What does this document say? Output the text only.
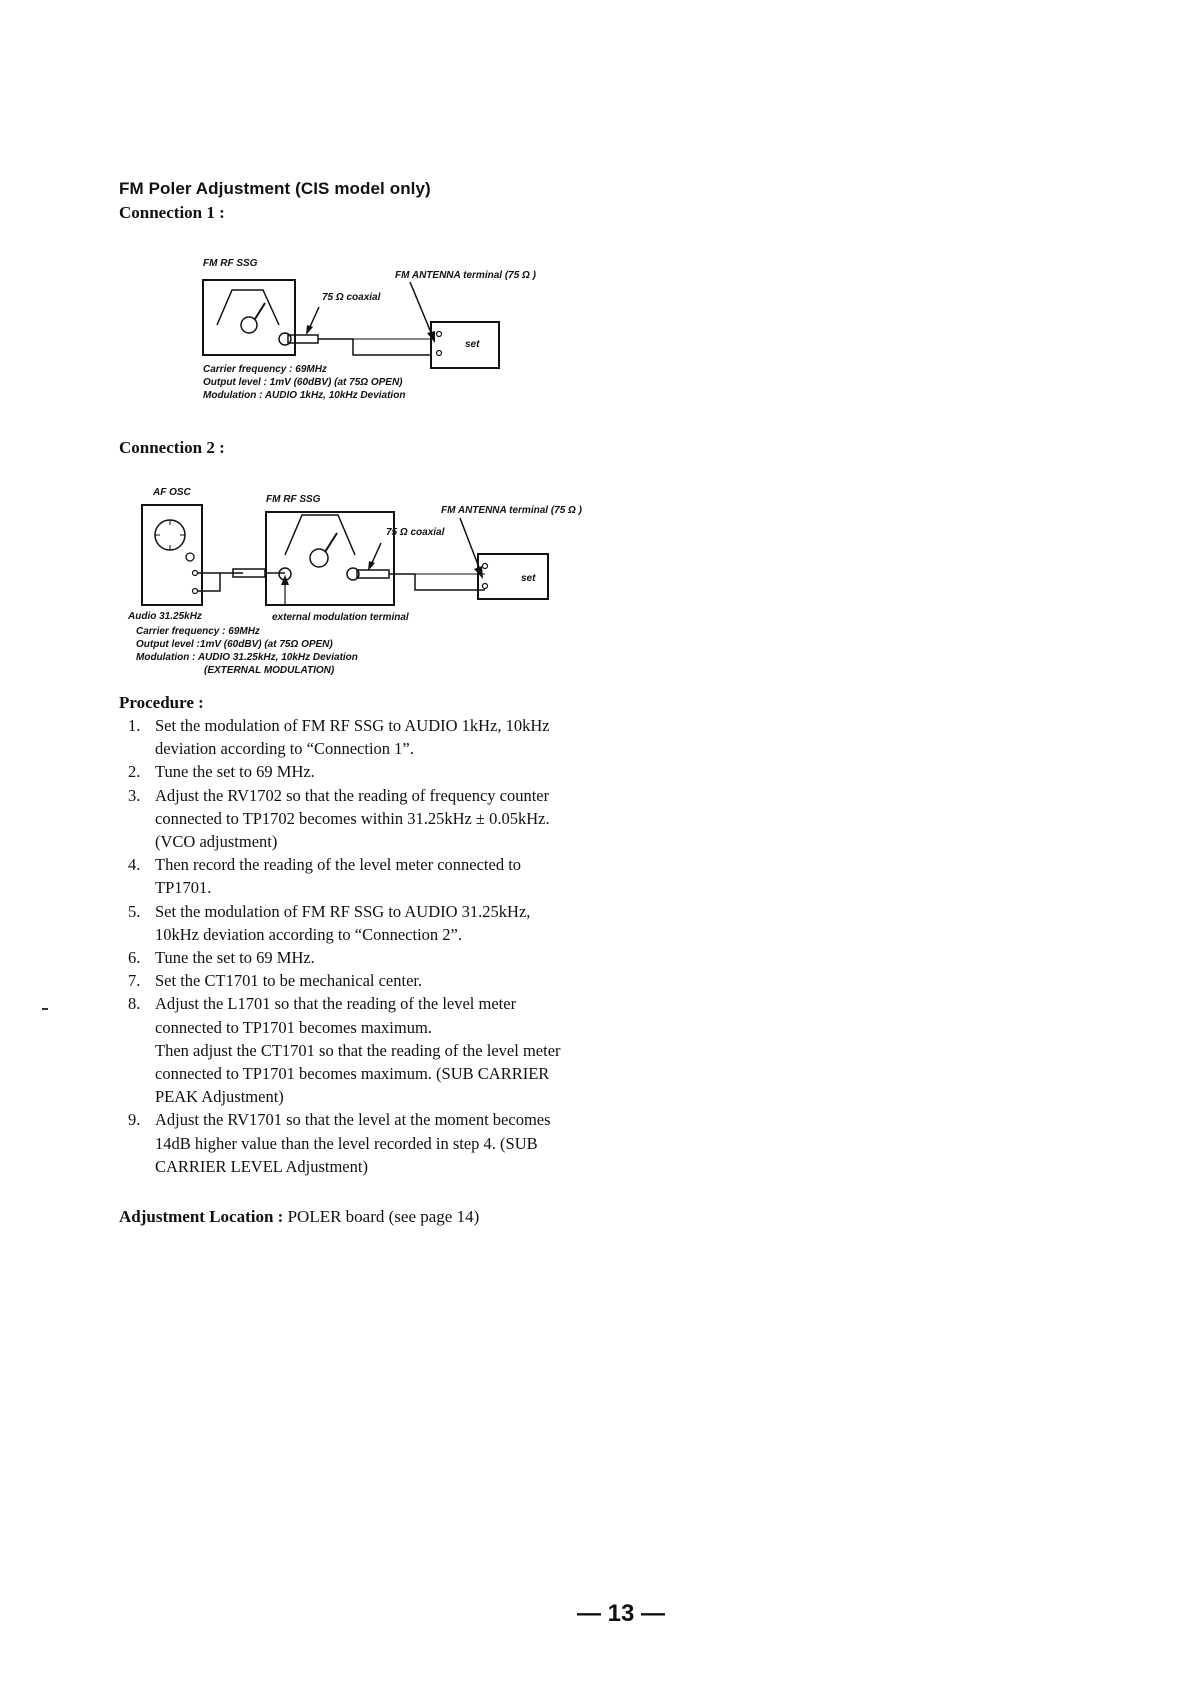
FM Poler Adjustment (CIS model only)
Connection 1 :
FM RF SSG
FM ANTENNA terminal (75 Ω )
75 Ω coaxial
set
Carrier frequency : 69MHz
Output level : 1mV (60dBV) (at 75Ω OPEN)
Modulation : AUDIO 1kHz, 10kHz Deviation
Connection 2 :
AF OSC
FM RF SSG
FM ANTENNA terminal (75 Ω )
75 Ω coaxial
set
Audio 31.25kHz	external modulation terminal
Carrier frequency : 69MHz
Output level :1mV (60dBV) (at 75Ω OPEN)
Modulation : AUDIO 31.25kHz, 10kHz Deviation
(EXTERNAL MODULATION)
Procedure :
1. Set the modulation of FM RF SSG to AUDIO 1kHz, 10kHz
deviation according to “Connection 1”.
2. Tune the set to 69 MHz.
3. Adjust the RV1702 so that the reading of frequency counter
connected to TP1702 becomes within 31.25kHz ± 0.05kHz.
(VCO adjustment)
4. Then record the reading of the level meter connected to
TP1701.
5. Set the modulation of FM RF SSG to AUDIO 31.25kHz,
10kHz deviation according to “Connection 2”.
6. Tune the set to 69 MHz.
7. Set the CT1701 to be mechanical center.
8. Adjust the L1701 so that the reading of the level meter
connected to TP1701 becomes maximum.
Then adjust the CT1701 so that the reading of the level meter
connected to TP1701 becomes maximum. (SUB CARRIER
PEAK Adjustment)
9. Adjust the RV1701 so that the level at the moment becomes
14dB higher value than the level recorded in step 4. (SUB
CARRIER LEVEL Adjustment)
Adjustment Location : POLER board (see page 14)
— 13 —
